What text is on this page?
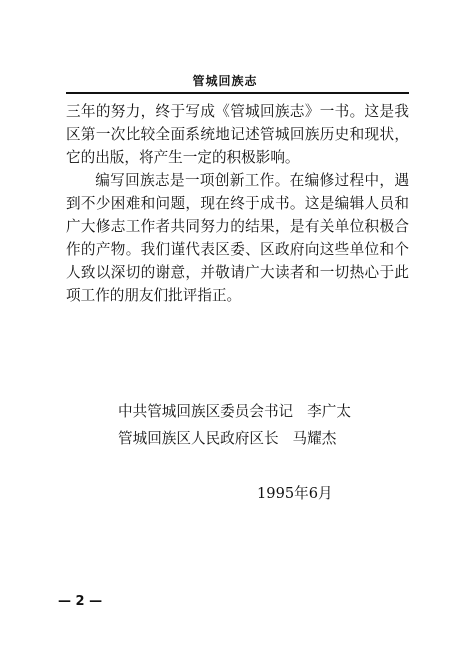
管城回族志

三年的努力，终于写成《管城回族志》一书。这是我区第一次比较全面系统地记述管城回族历史和现状，它的出版，将产生一定的积极影响。

编写回族志是一项创新工作。在编修过程中，遇到不少困难和问题，现在终于成书。这是编辑人员和广大修志工作者共同努力的结果，是有关单位积极合作的产物。我们谨代表区委、区政府向这些单位和个人致以深切的谢意，并敬请广大读者和一切热心于此项工作的朋友们批评指正。

中共管城回族区委员会书记 李广太
管城回族区人民政府区长 马耀杰
1995年6月
— 2 —
